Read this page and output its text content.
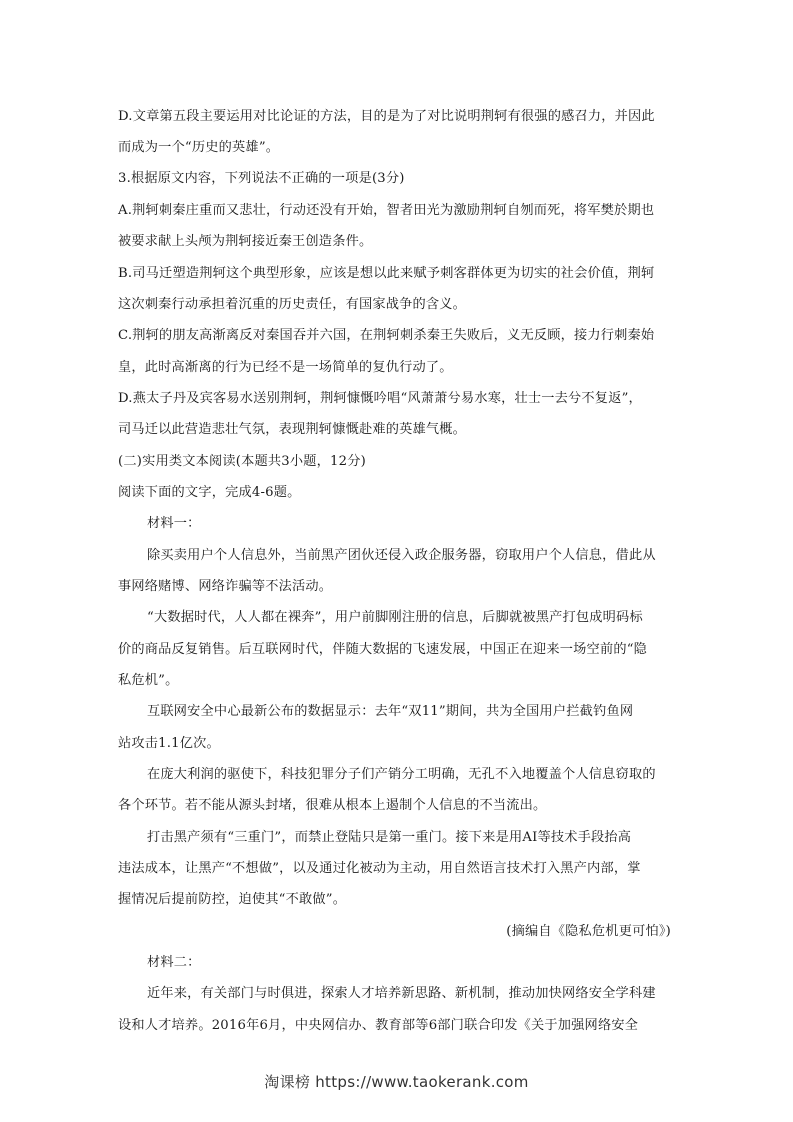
D.文章第五段主要运用对比论证的方法，目的是为了对比说明荆轲有很强的感召力，并因此
而成为一个“历史的英雄”。
3.根据原文内容，下列说法不正确的一项是(3分)
A.荆轲刺秦庄重而又悲壮，行动还没有开始，智者田光为激励荆轲自刎而死，将军樊於期也
被要求献上头颅为荆轲接近秦王创造条件。
B.司马迁塑造荆轲这个典型形象，应该是想以此来赋予刺客群体更为切实的社会价值，荆轲
这次刺秦行动承担着沉重的历史责任，有国家战争的含义。
C.荆轲的朋友高渐离反对秦国吞并六国，在荆轲刺杀秦王失败后，义无反顾，接力行刺秦始
皇，此时高渐离的行为已经不是一场简单的复仇行动了。
D.燕太子丹及宾客易水送别荆轲，荆轲慷慨吟唱“风萧萧兮易水寒，壮士一去兮不复返”，
司马迁以此营造悲壮气氛，表现荆轲慷慨赴难的英雄气概。
(二)实用类文本阅读(本题共3小题，12分)
阅读下面的文字，完成4-6题。
材料一：
除买卖用户个人信息外，当前黑产团伙还侵入政企服务器，窃取用户个人信息，借此从
事网络赌博、网络诈骗等不法活动。
“大数据时代，人人都在裸奔”，用户前脚刚注册的信息，后脚就被黑产打包成明码标
价的商品反复销售。后互联网时代，伴随大数据的飞速发展，中国正在迎来一场空前的“隐
私危机”。
互联网安全中心最新公布的数据显示：去年“双11”期间，共为全国用户拦截钓鱼网
站攻击1.1亿次。
在庞大利润的驱使下，科技犯罪分子们产销分工明确，无孔不入地覆盖个人信息窃取的
各个环节。若不能从源头封堵，很难从根本上遏制个人信息的不当流出。
打击黑产须有“三重门”，而禁止登陆只是第一重门。接下来是用AI等技术手段抬高
违法成本，让黑产“不想做”，以及通过化被动为主动，用自然语言技术打入黑产内部，掌
握情况后提前防控，迫使其“不敢做”。
(摘编自《隐私危机更可怕》)
材料二：
近年来，有关部门与时俱进，探索人才培养新思路、新机制，推动加快网络安全学科建
设和人才培养。2016年6月，中央网信办、教育部等6部门联合印发《关于加强网络安全
淘课榜 https://www.taokerank.com
